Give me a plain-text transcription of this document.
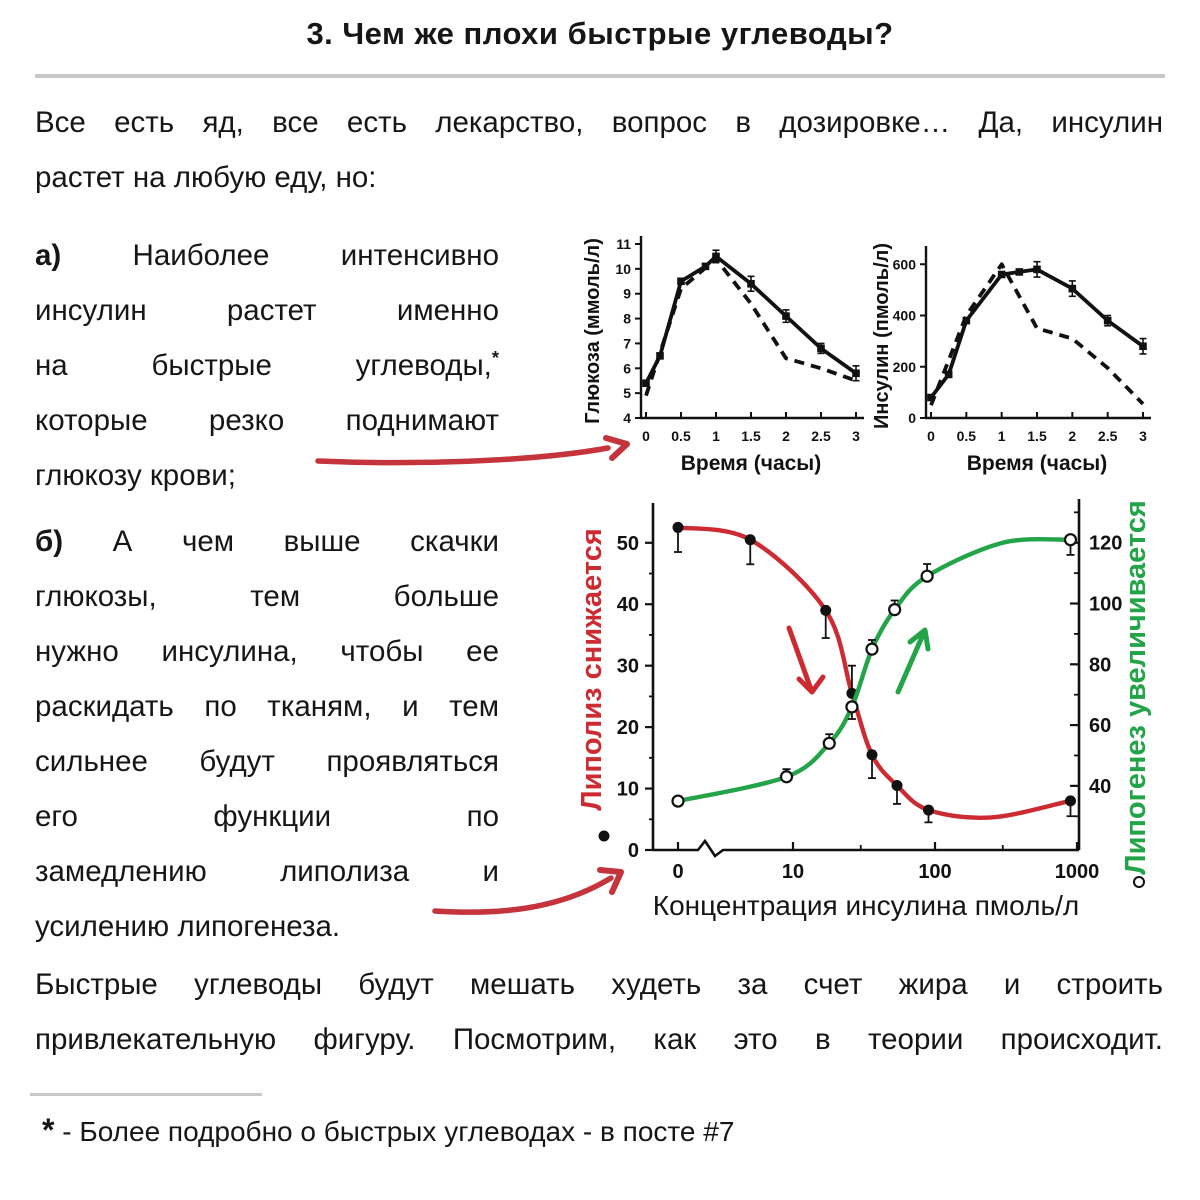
3. Чем же плохи быстрые углеводы?
Все есть яд, все есть лекарство, вопрос в дозировке… Да, инсулин
растет на любую еду, но:
а) Наиболее интенсивно
инсулин растет именно
на быстрые углеводы,*
которые резко поднимают
глюкозу крови;
4
5
6
7
8
9
10
11
0 0.5 1 1.5 2 2.5 3
Время (часы)
Глюкоза (ммоль/л)	0
200
400
600
0 0.5 1 1.5 2 2.5 3
Время (часы)
Инсулин (пмоль/л)
б) А чем выше скачки
глюкозы, тем больше
нужно инсулина, чтобы ее
раскидать по тканям, и тем
сильнее будут проявляться
его функции по
замедлению липолиза и
усилению липогенеза.
0
10
20
30
40
50
40
60
80
100
120
0	10	100	1000
Липолиз снижается	Липогенез увеличивается
Концентрация инсулина пмоль/л
Быстрые углеводы будут мешать худеть за счет жира и строить
привлекательную фигуру. Посмотрим, как это в теории происходит.

* - Более подробно о быстрых углеводах - в посте #7
